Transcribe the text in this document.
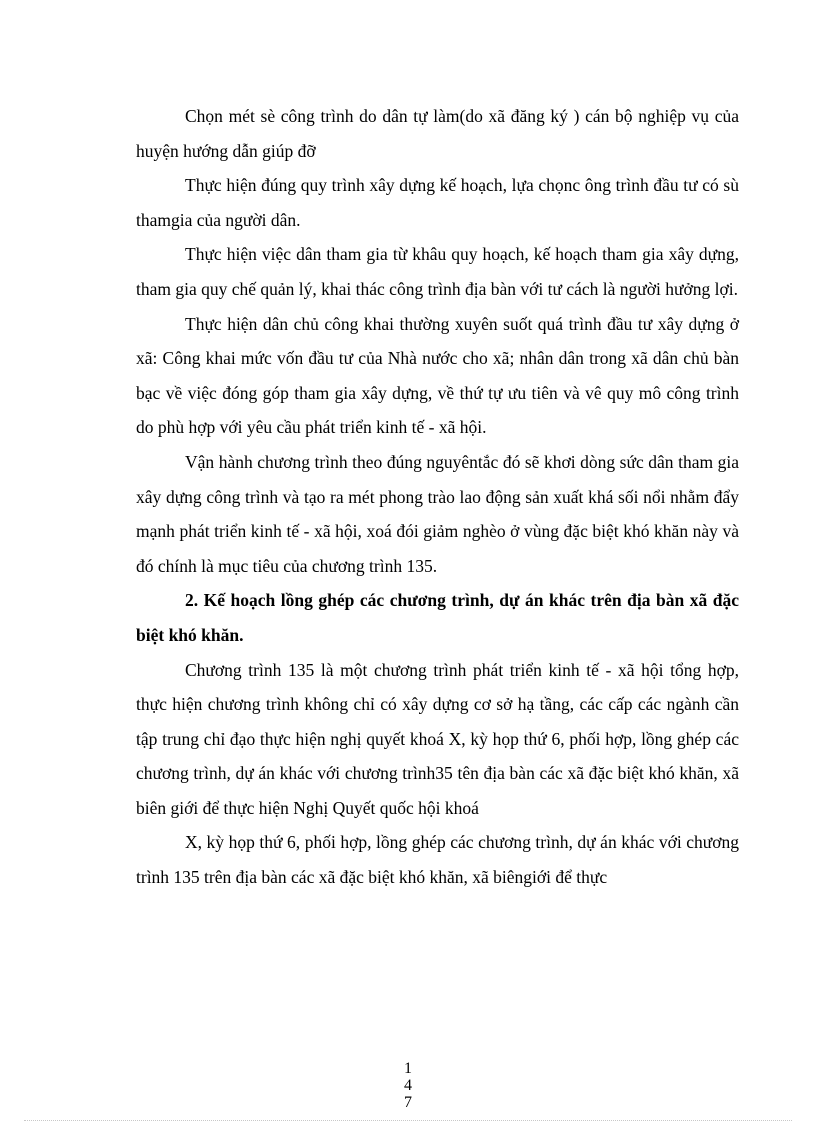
Chọn mét sè công trình do dân tự làm(do xã đăng ký ) cán bộ nghiệp vụ của huyện hướng dẫn giúp đỡ

Thực hiện đúng quy trình xây dựng kế hoạch, lựa chọnc ông trình đầu tư có sù thamgia của người dân.

Thực hiện việc dân tham gia từ khâu quy hoạch, kế hoạch tham gia xây dựng, tham gia quy chế quản lý, khai thác công trình địa bàn với tư cách là người hưởng lợi.

Thực hiện dân chủ công khai thường xuyên suốt quá trình đầu tư xây dựng ở xã: Công khai mức vốn đầu tư của Nhà nước cho xã; nhân dân trong xã dân chủ bàn bạc về việc đóng góp tham gia xây dựng, về thứ tự ưu tiên và vê quy mô công trình do phù hợp với yêu cầu phát triển kinh tế - xã hội.

Vận hành chương trình theo đúng nguyêntắc đó sẽ khơi dòng sức dân tham gia xây dựng công trình và tạo ra mét phong trào lao động sản xuất khá sối nổi nhằm đẩy mạnh phát triển kinh tế - xã hội, xoá đói giảm nghèo ở vùng đặc biệt khó khăn này và đó chính là mục tiêu của chương trình 135.

2. Kế hoạch lồng ghép các chương trình, dự án khác trên địa bàn xã đặc biệt khó khăn.

Chương trình 135 là một chương trình phát triển kinh tế - xã hội tổng hợp, thực hiện chương trình không chỉ có xây dựng cơ sở hạ tầng, các cấp các ngành cần tập trung chỉ đạo thực hiện nghị quyết khoá X, kỳ họp thứ 6, phối hợp, lồng ghép các chương trình, dự án khác với chương trình35 tên địa bàn các xã đặc biệt khó khăn, xã biên giới để thực hiện Nghị Quyết quốc hội khoá

X, kỳ họp thứ 6, phối hợp, lồng ghép các chương trình, dự án khác với chương trình 135 trên địa bàn các xã đặc biệt khó khăn, xã biêngiới để thực

1
4
7
